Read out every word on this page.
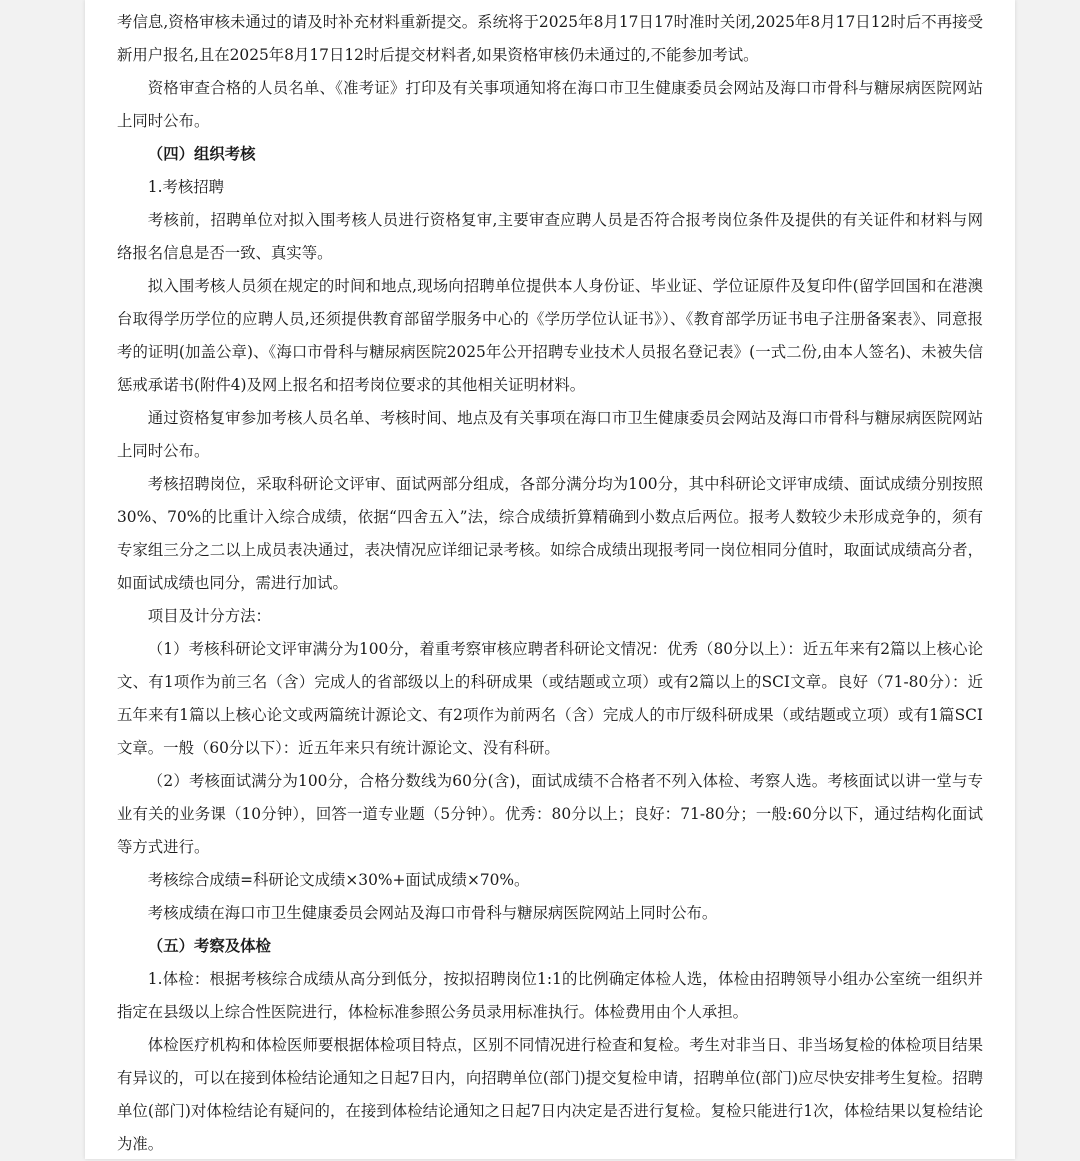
考信息,资格审核未通过的请及时补充材料重新提交。系统将于2025年8月17日17时准时关闭,2025年8月17日12时后不再接受新用户报名,且在2025年8月17日12时后提交材料者,如果资格审核仍未通过的,不能参加考试。

资格审查合格的人员名单、《准考证》打印及有关事项通知将在海口市卫生健康委员会网站及海口市骨科与糖尿病医院网站上同时公布。

（四）组织考核

1.考核招聘

考核前，招聘单位对拟入围考核人员进行资格复审,主要审查应聘人员是否符合报考岗位条件及提供的有关证件和材料与网络报名信息是否一致、真实等。

拟入围考核人员须在规定的时间和地点,现场向招聘单位提供本人身份证、毕业证、学位证原件及复印件(留学回国和在港澳台取得学历学位的应聘人员,还须提供教育部留学服务中心的《学历学位认证书》）、《教育部学历证书电子注册备案表》、同意报考的证明(加盖公章)、《海口市骨科与糖尿病医院2025年公开招聘专业技术人员报名登记表》(一式二份,由本人签名)、未被失信惩戒承诺书(附件4)及网上报名和招考岗位要求的其他相关证明材料。

通过资格复审参加考核人员名单、考核时间、地点及有关事项在海口市卫生健康委员会网站及海口市骨科与糖尿病医院网站上同时公布。

考核招聘岗位，采取科研论文评审、面试两部分组成，各部分满分均为100分，其中科研论文评审成绩、面试成绩分别按照30%、70%的比重计入综合成绩，依据“四舍五入”法，综合成绩折算精确到小数点后两位。报考人数较少未形成竞争的，须有专家组三分之二以上成员表决通过，表决情况应详细记录考核。如综合成绩出现报考同一岗位相同分值时，取面试成绩高分者，如面试成绩也同分，需进行加试。

项目及计分方法：

（1）考核科研论文评审满分为100分，着重考察审核应聘者科研论文情况：优秀（80分以上）：近五年来有2篇以上核心论文、有1项作为前三名（含）完成人的省部级以上的科研成果（或结题或立项）或有2篇以上的SCI文章。良好（71-80分）：近五年来有1篇以上核心论文或两篇统计源论文、有2项作为前两名（含）完成人的市厅级科研成果（或结题或立项）或有1篇SCI文章。一般（60分以下）：近五年来只有统计源论文、没有科研。

（2）考核面试满分为100分，合格分数线为60分(含)，面试成绩不合格者不列入体检、考察人选。考核面试以讲一堂与专业有关的业务课（10分钟），回答一道专业题（5分钟）。优秀：80分以上；良好：71-80分；一般:60分以下，通过结构化面试等方式进行。

考核综合成绩=科研论文成绩×30%+面试成绩×70%。

考核成绩在海口市卫生健康委员会网站及海口市骨科与糖尿病医院网站上同时公布。

（五）考察及体检

1.体检：根据考核综合成绩从高分到低分，按拟招聘岗位1:1的比例确定体检人选，体检由招聘领导小组办公室统一组织并指定在县级以上综合性医院进行，体检标准参照公务员录用标准执行。体检费用由个人承担。

体检医疗机构和体检医师要根据体检项目特点，区别不同情况进行检查和复检。考生对非当日、非当场复检的体检项目结果有异议的，可以在接到体检结论通知之日起7日内，向招聘单位(部门)提交复检申请，招聘单位(部门)应尽快安排考生复检。招聘单位(部门)对体检结论有疑问的，在接到体检结论通知之日起7日内决定是否进行复检。复检只能进行1次，体检结果以复检结论为准。
